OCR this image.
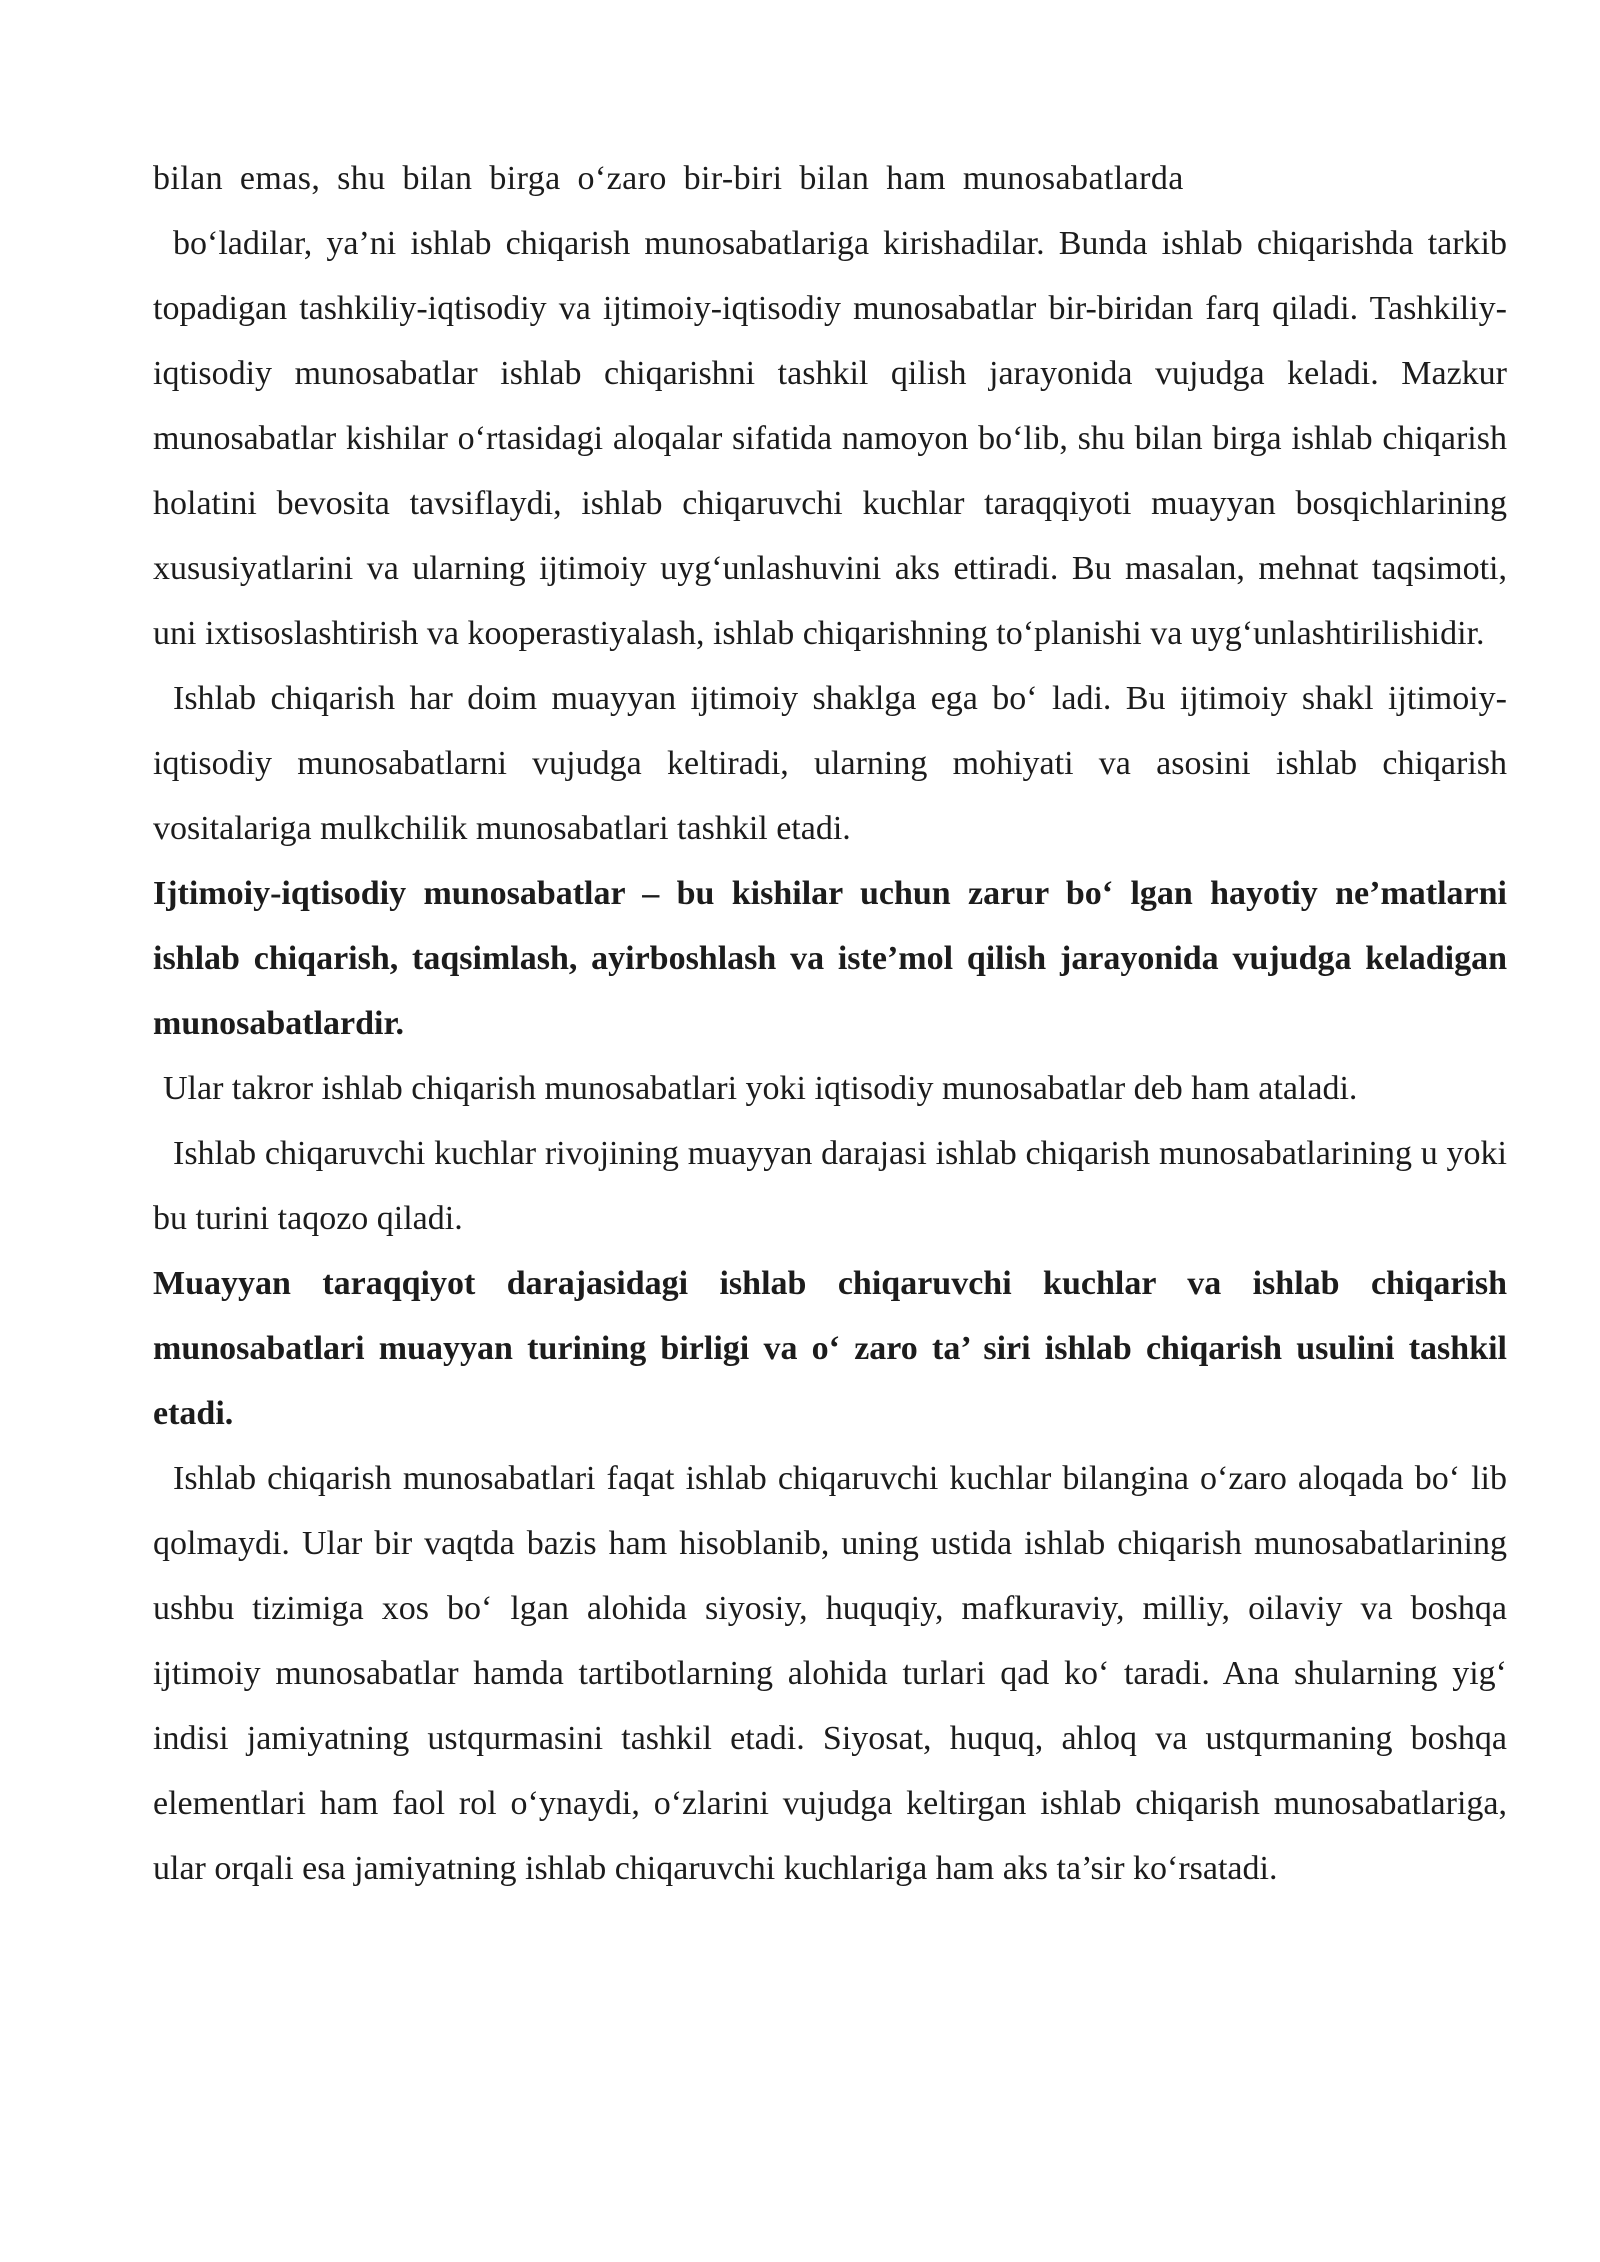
bilan emas, shu bilan birga o‘zaro bir-biri bilan ham munosabatlarda

bo‘ladilar, ya’ni ishlab chiqarish munosabatlariga kirishadilar. Bunda ishlab chiqarishda tarkib topadigan tashkiliy-iqtisodiy va ijtimoiy-iqtisodiy munosabatlar bir-biridan farq qiladi. Tashkiliy-iqtisodiy munosabatlar ishlab chiqarishni tashkil qilish jarayonida vujudga keladi. Mazkur munosabatlar kishilar o‘rtasidagi aloqalar sifatida namoyon bo‘lib, shu bilan birga ishlab chiqarish holatini bevosita tavsiflaydi, ishlab chiqaruvchi kuchlar taraqqiyoti muayyan bosqichlarining xususiyatlarini va ularning ijtimoiy uyg‘unlashuvini aks ettiradi. Bu masalan, mehnat taqsimoti, uni ixtisoslashtirish va kooperastiyalash, ishlab chiqarishning to‘planishi va uyg‘unlashtirilishidir.

Ishlab chiqarish har doim muayyan ijtimoiy shaklga ega bo‘ ladi. Bu ijtimoiy shakl ijtimoiy-iqtisodiy munosabatlarni vujudga keltiradi, ularning mohiyati va asosini ishlab chiqarish vositalariga mulkchilik munosabatlari tashkil etadi.

Ijtimoiy-iqtisodiy munosabatlar – bu kishilar uchun zarur bo‘ lgan hayotiy ne’matlarni ishlab chiqarish, taqsimlash, ayirboshlash va iste’mol qilish jarayonida vujudga keladigan munosabatlardir.

Ular takror ishlab chiqarish munosabatlari yoki iqtisodiy munosabatlar deb ham ataladi.

Ishlab chiqaruvchi kuchlar rivojining muayyan darajasi ishlab chiqarish munosabatlarining u yoki bu turini taqozo qiladi.

Muayyan taraqqiyot darajasidagi ishlab chiqaruvchi kuchlar va ishlab chiqarish munosabatlari muayyan turining birligi va o‘ zaro ta’ siri ishlab chiqarish usulini tashkil etadi.

Ishlab chiqarish munosabatlari faqat ishlab chiqaruvchi kuchlar bilangina o‘zaro aloqada bo‘ lib qolmaydi. Ular bir vaqtda bazis ham hisoblanib, uning ustida ishlab chiqarish munosabatlarining ushbu tizimiga xos bo‘ lgan alohida siyosiy, huquqiy, mafkuraviy, milliy, oilaviy va boshqa ijtimoiy munosabatlar hamda tartibotlarning alohida turlari qad ko‘ taradi. Ana shularning yig‘ indisi jamiyatning ustqurmasini tashkil etadi. Siyosat, huquq, ahloq va ustqurmaning boshqa elementlari ham faol rol o‘ynaydi, o‘zlarini vujudga keltirgan ishlab chiqarish munosabatlariga, ular orqali esa jamiyatning ishlab chiqaruvchi kuchlariga ham aks ta’sir ko‘rsatadi.
